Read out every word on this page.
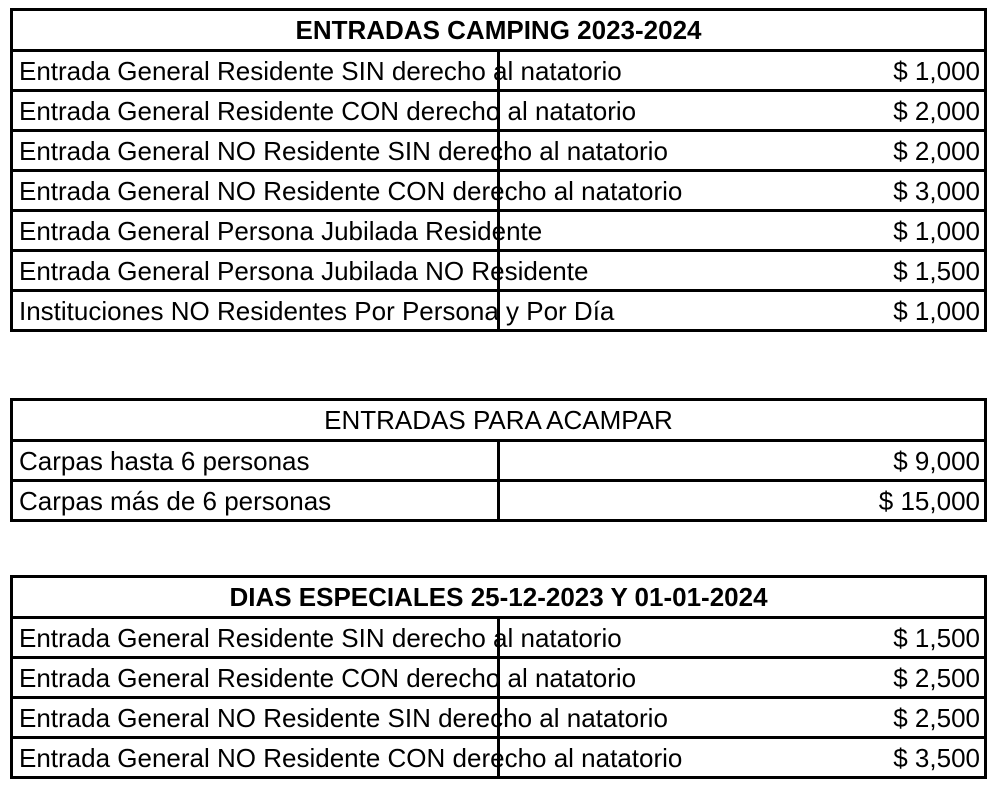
ENTRADAS CAMPING 2023-2024	
Entrada General Residente SIN derecho al natatorio	$ 1,000
Entrada General Residente CON derecho al natatorio	$ 2,000
Entrada General NO Residente SIN derecho al natatorio	$ 2,000
Entrada General NO Residente CON derecho al natatorio	$ 3,000
Entrada General Persona Jubilada Residente	$ 1,000
Entrada General Persona Jubilada NO Residente	$ 1,500
Instituciones NO Residentes Por Persona y Por Día	$ 1,000
ENTRADAS PARA ACAMPAR	
Carpas hasta 6 personas	$ 9,000
Carpas más de 6 personas	$ 15,000
DIAS ESPECIALES 25-12-2023 Y 01-01-2024	
Entrada General Residente SIN derecho al natatorio	$ 1,500
Entrada General Residente CON derecho al natatorio	$ 2,500
Entrada General NO Residente SIN derecho al natatorio	$ 2,500
Entrada General NO Residente CON derecho al natatorio	$ 3,500
